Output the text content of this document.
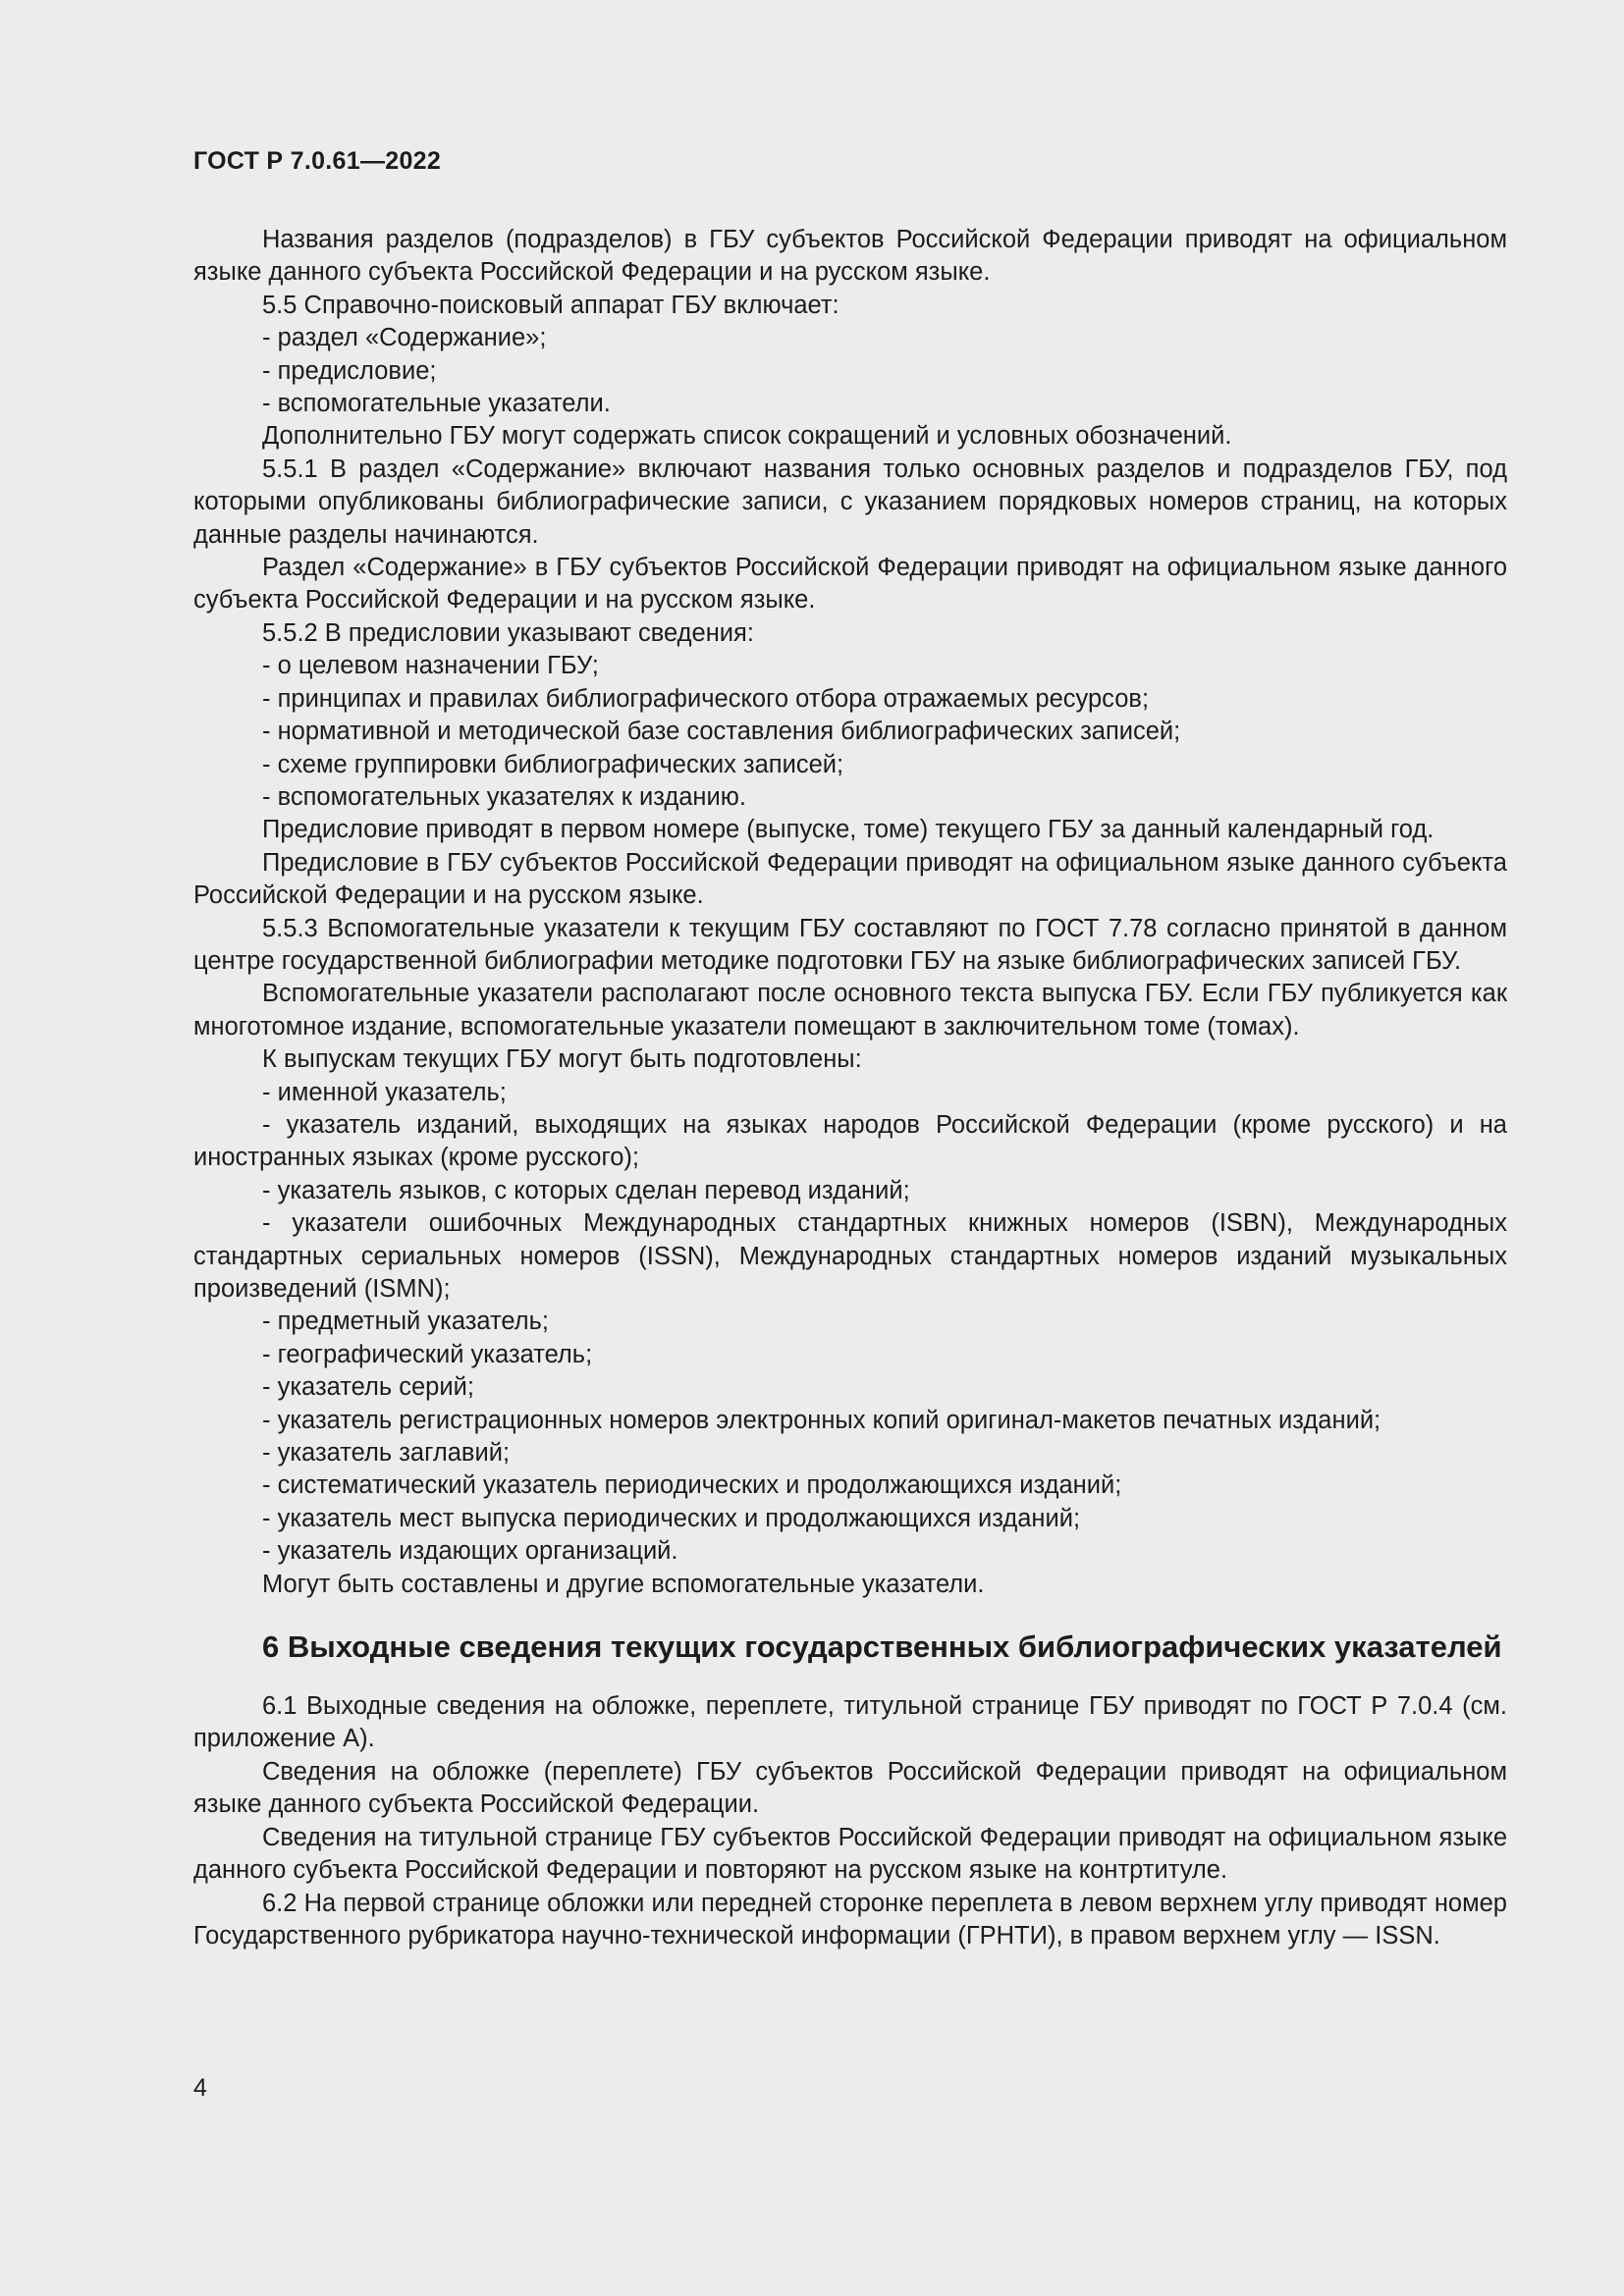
ГОСТ Р 7.0.61—2022

Названия разделов (подразделов) в ГБУ субъектов Российской Федерации приводят на официальном языке данного субъекта Российской Федерации и на русском языке.

5.5 Справочно-поисковый аппарат ГБУ включает:

- раздел «Содержание»;

- предисловие;

- вспомогательные указатели.

Дополнительно ГБУ могут содержать список сокращений и условных обозначений.

5.5.1 В раздел «Содержание» включают названия только основных разделов и подразделов ГБУ, под которыми опубликованы библиографические записи, с указанием порядковых номеров страниц, на которых данные разделы начинаются.

Раздел «Содержание» в ГБУ субъектов Российской Федерации приводят на официальном языке данного субъекта Российской Федерации и на русском языке.

5.5.2 В предисловии указывают сведения:

- о целевом назначении ГБУ;

- принципах и правилах библиографического отбора отражаемых ресурсов;

- нормативной и методической базе составления библиографических записей;

- схеме группировки библиографических записей;

- вспомогательных указателях к изданию.

Предисловие приводят в первом номере (выпуске, томе) текущего ГБУ за данный календарный год.

Предисловие в ГБУ субъектов Российской Федерации приводят на официальном языке данного субъекта Российской Федерации и на русском языке.

5.5.3 Вспомогательные указатели к текущим ГБУ составляют по ГОСТ 7.78 согласно принятой в данном центре государственной библиографии методике подготовки ГБУ на языке библиографических записей ГБУ.

Вспомогательные указатели располагают после основного текста выпуска ГБУ. Если ГБУ публикуется как многотомное издание, вспомогательные указатели помещают в заключительном томе (томах).

К выпускам текущих ГБУ могут быть подготовлены:

- именной указатель;

- указатель изданий, выходящих на языках народов Российской Федерации (кроме русского) и на иностранных языках (кроме русского);

- указатель языков, с которых сделан перевод изданий;

- указатели ошибочных Международных стандартных книжных номеров (ISBN), Международных стандартных сериальных номеров (ISSN), Международных стандартных номеров изданий музыкальных произведений (ISMN);

- предметный указатель;

- географический указатель;

- указатель серий;

- указатель регистрационных номеров электронных копий оригинал-макетов печатных изданий;

- указатель заглавий;

- систематический указатель периодических и продолжающихся изданий;

- указатель мест выпуска периодических и продолжающихся изданий;

- указатель издающих организаций.

Могут быть составлены и другие вспомогательные указатели.

6 Выходные сведения текущих государственных библиографических указателей

6.1 Выходные сведения на обложке, переплете, титульной странице ГБУ приводят по ГОСТ Р 7.0.4 (см. приложение А).

Сведения на обложке (переплете) ГБУ субъектов Российской Федерации приводят на официальном языке данного субъекта Российской Федерации.

Сведения на титульной странице ГБУ субъектов Российской Федерации приводят на официальном языке данного субъекта Российской Федерации и повторяют на русском языке на контртитуле.

6.2 На первой странице обложки или передней сторонке переплета в левом верхнем углу приводят номер Государственного рубрикатора научно-технической информации (ГРНТИ), в правом верхнем углу — ISSN.

4
